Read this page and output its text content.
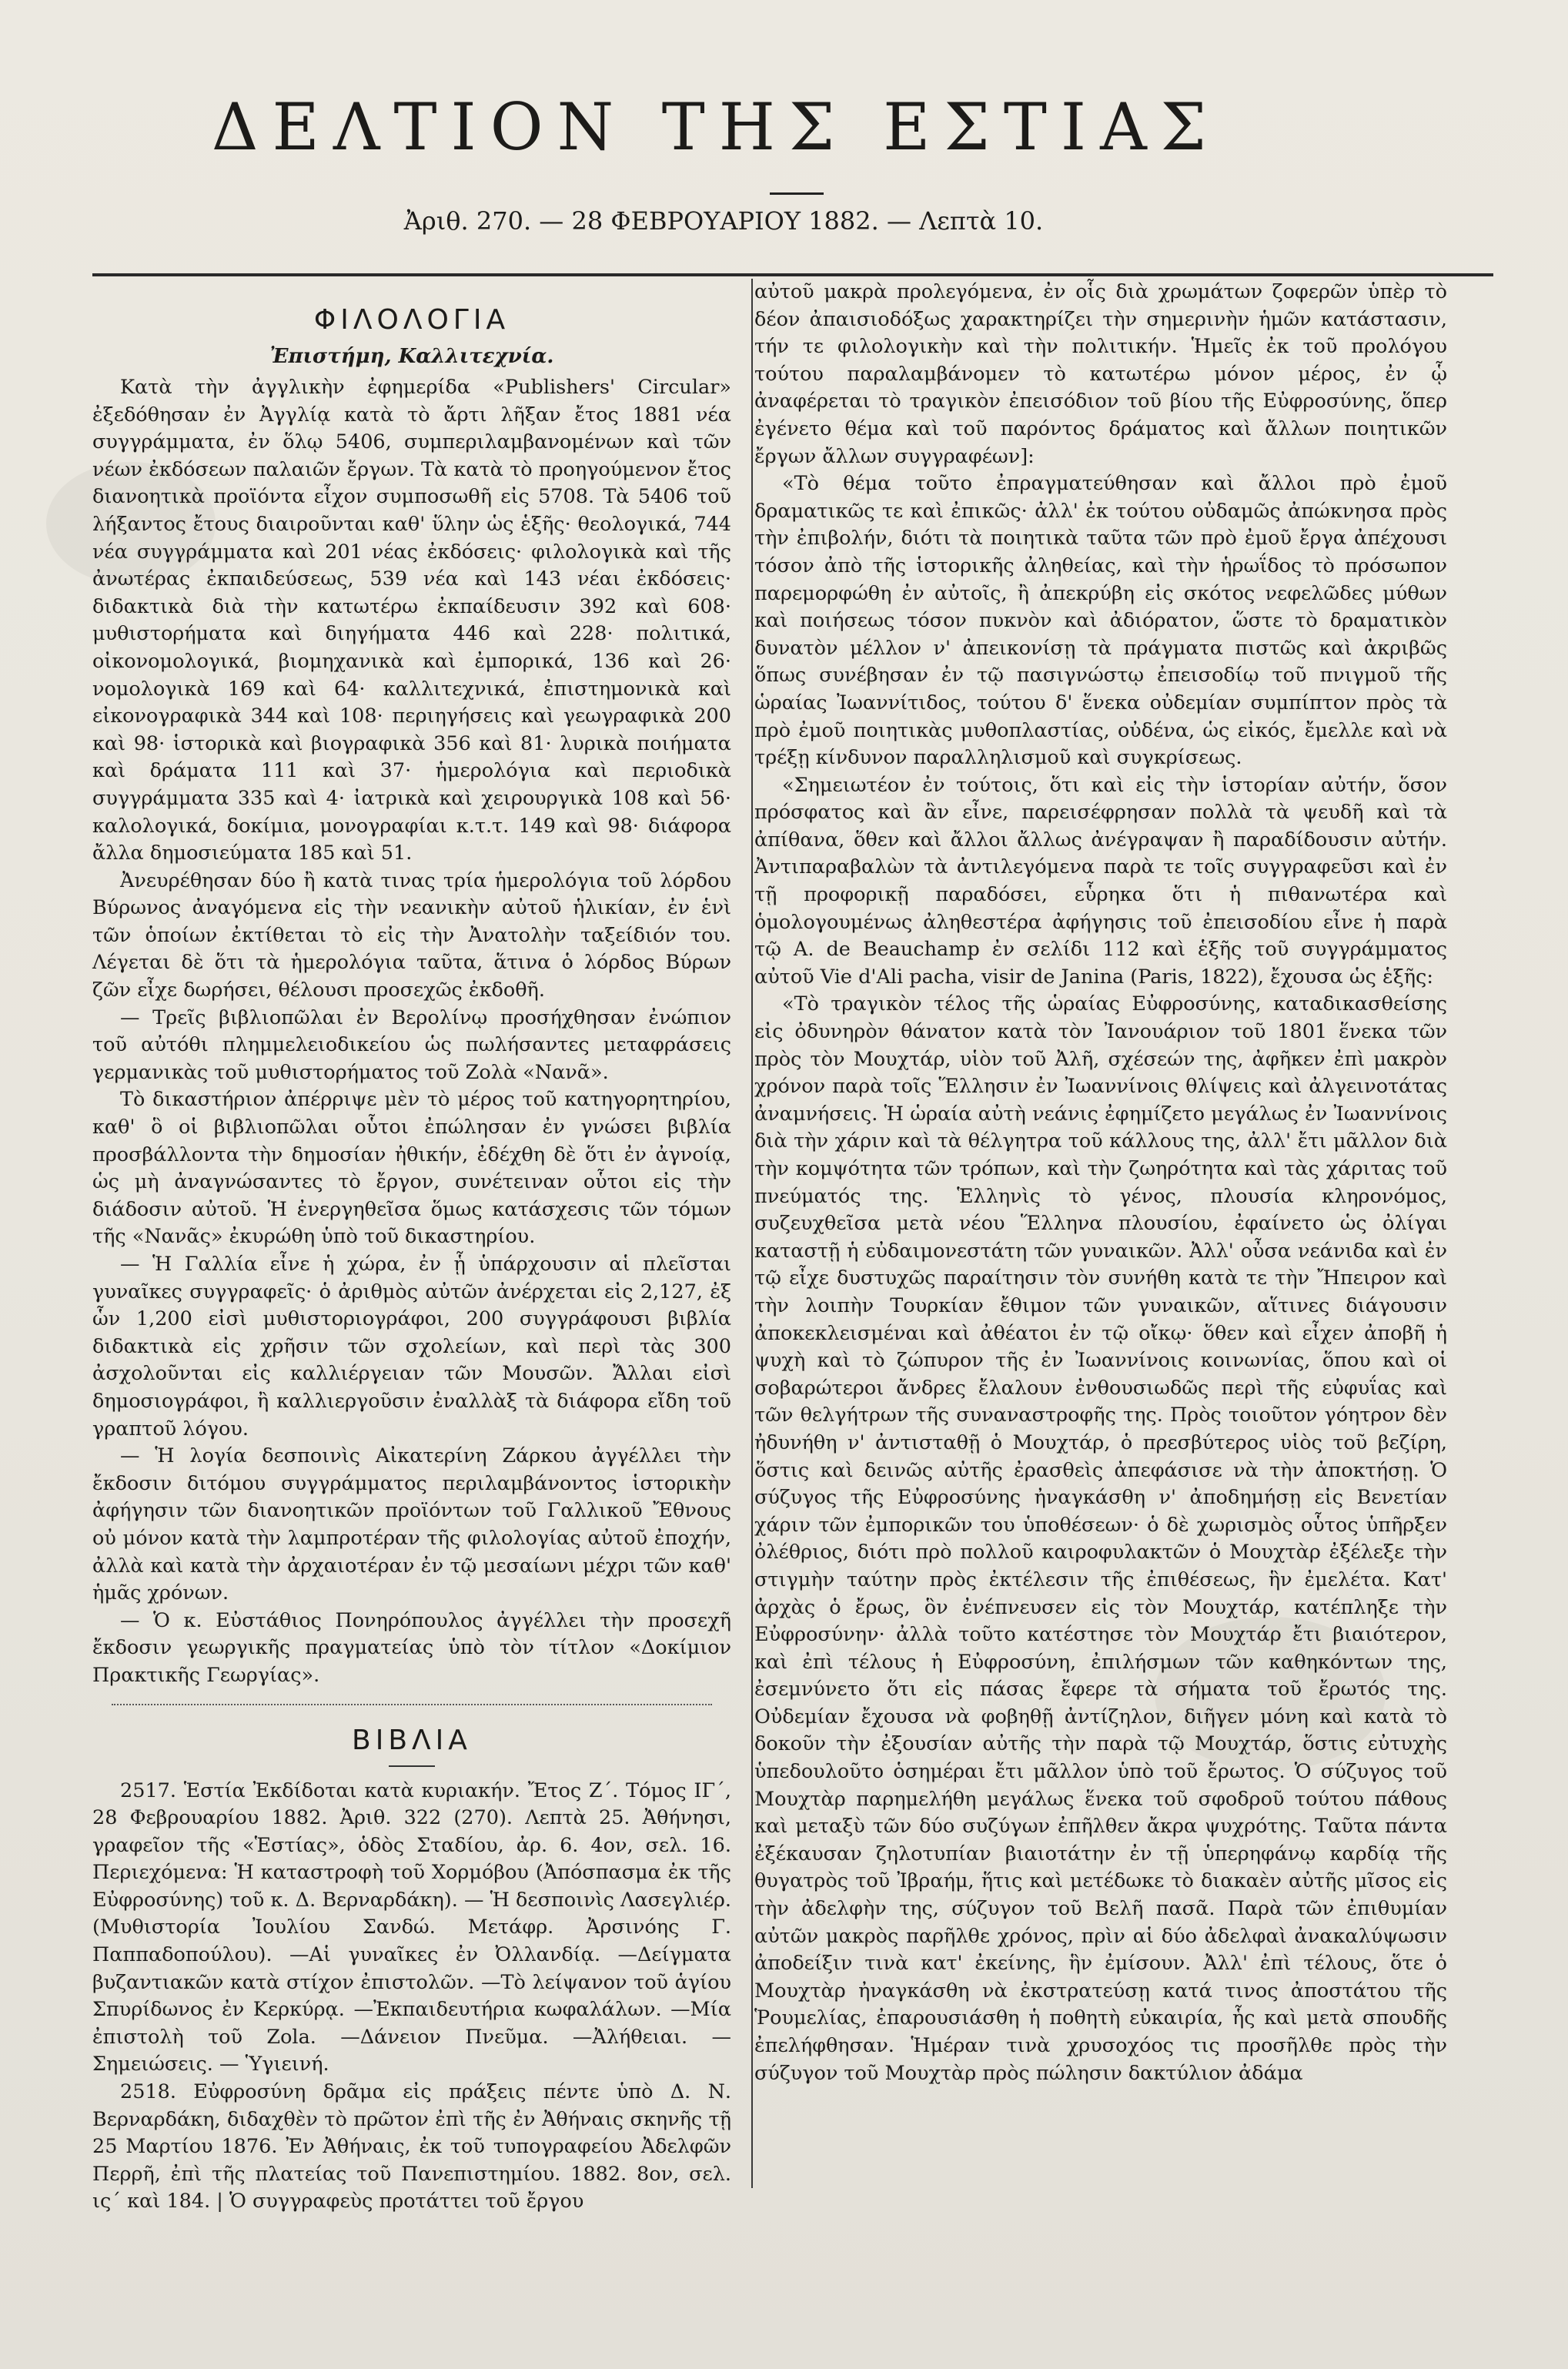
ΔΕΛΤΙΟΝ ΤΗΣ ΕΣΤΙΑΣ
Ἀριθ. 270. — 28 ΦΕΒΡΟΥΑΡΙΟΥ 1882. — Λεπτὰ 10.
ΦΙΛΟΛΟΓΙΑ
Ἐπιστήμη, Καλλιτεχνία.

Κατὰ τὴν ἀγγλικὴν ἐφημερίδα «Publishers' Circular» ἐξεδόθησαν ἐν Ἀγγλίᾳ κατὰ τὸ ἄρτι λῆξαν ἔτος 1881 νέα συγγράμματα, ἐν ὅλῳ 5406, συμπεριλαμβανομένων καὶ τῶν νέων ἐκδόσεων παλαιῶν ἔργων. Τὰ κατὰ τὸ προηγούμενον ἔτος διανοητικὰ προϊόντα εἶχον συμποσωθῆ εἰς 5708. Τὰ 5406 τοῦ λήξαντος ἔτους διαιροῦνται καθ' ὕλην ὡς ἑξῆς· θεολογικά, 744 νέα συγγράμματα καὶ 201 νέας ἐκδόσεις· φιλολογικὰ καὶ τῆς ἀνωτέρας ἐκπαιδεύσεως, 539 νέα καὶ 143 νέαι ἐκδόσεις· διδακτικὰ διὰ τὴν κατωτέρω ἐκπαίδευσιν 392 καὶ 608· μυθιστορήματα καὶ διηγήματα 446 καὶ 228· πολιτικά, οἰκονομολογικά, βιομηχανικὰ καὶ ἐμπορικά, 136 καὶ 26· νομολογικὰ 169 καὶ 64· καλλιτεχνικά, ἐπιστημονικὰ καὶ εἰκονογραφικὰ 344 καὶ 108· περιηγήσεις καὶ γεωγραφικὰ 200 καὶ 98· ἱστορικὰ καὶ βιογραφικὰ 356 καὶ 81· λυρικὰ ποιήματα καὶ δράματα 111 καὶ 37· ἡμερολόγια καὶ περιοδικὰ συγγράμματα 335 καὶ 4· ἰατρικὰ καὶ χειρουργικὰ 108 καὶ 56· καλολογικά, δοκίμια, μονογραφίαι κ.τ.τ. 149 καὶ 98· διάφορα ἄλλα δημοσιεύματα 185 καὶ 51.

Ἀνευρέθησαν δύο ἢ κατὰ τινας τρία ἡμερολόγια τοῦ λόρδου Βύρωνος ἀναγόμενα εἰς τὴν νεανικὴν αὐτοῦ ἡλικίαν, ἐν ἑνὶ τῶν ὁποίων ἐκτίθεται τὸ εἰς τὴν Ἀνατολὴν ταξείδιόν του. Λέγεται δὲ ὅτι τὰ ἡμερολόγια ταῦτα, ἅτινα ὁ λόρδος Βύρων ζῶν εἶχε δωρήσει, θέλουσι προσεχῶς ἐκδοθῆ.

— Τρεῖς βιβλιοπῶλαι ἐν Βερολίνῳ προσήχθησαν ἐνώπιον τοῦ αὐτόθι πλημμελειοδικείου ὡς πωλήσαντες μεταφράσεις γερμανικὰς τοῦ μυθιστορήματος τοῦ Ζολὰ «Νανᾶ».

Τὸ δικαστήριον ἀπέρριψε μὲν τὸ μέρος τοῦ κατηγορητηρίου, καθ' ὃ οἱ βιβλιοπῶλαι οὗτοι ἐπώλησαν ἐν γνώσει βιβλία προσβάλλοντα τὴν δημοσίαν ἠθικήν, ἐδέχθη δὲ ὅτι ἐν ἀγνοίᾳ, ὡς μὴ ἀναγνώσαντες τὸ ἔργον, συνέτειναν οὗτοι εἰς τὴν διάδοσιν αὐτοῦ. Ἡ ἐνεργηθεῖσα ὅμως κατάσχεσις τῶν τόμων τῆς «Νανᾶς» ἐκυρώθη ὑπὸ τοῦ δικαστηρίου.

— Ἡ Γαλλία εἶνε ἡ χώρα, ἐν ᾗ ὑπάρχουσιν αἱ πλεῖσται γυναῖκες συγγραφεῖς· ὁ ἀριθμὸς αὐτῶν ἀνέρχεται εἰς 2,127, ἐξ ὧν 1,200 εἰσὶ μυθιστοριογράφοι, 200 συγγράφουσι βιβλία διδακτικὰ εἰς χρῆσιν τῶν σχολείων, καὶ περὶ τὰς 300 ἀσχολοῦνται εἰς καλλιέργειαν τῶν Μουσῶν. Ἄλλαι εἰσὶ δημοσιογράφοι, ἢ καλλιεργοῦσιν ἐναλλὰξ τὰ διάφορα εἴδη τοῦ γραπτοῦ λόγου.

— Ἡ λογία δεσποινὶς Αἰκατερίνη Ζάρκου ἀγγέλλει τὴν ἔκδοσιν διτόμου συγγράμματος περιλαμβάνοντος ἱστορικὴν ἀφήγησιν τῶν διανοητικῶν προϊόντων τοῦ Γαλλικοῦ Ἔθνους οὐ μόνον κατὰ τὴν λαμπροτέραν τῆς φιλολογίας αὐτοῦ ἐποχήν, ἀλλὰ καὶ κατὰ τὴν ἀρχαιοτέραν ἐν τῷ μεσαίωνι μέχρι τῶν καθ' ἡμᾶς χρόνων.

— Ὁ κ. Εὐστάθιος Πονηρόπουλος ἀγγέλλει τὴν προσεχῆ ἔκδοσιν γεωργικῆς πραγματείας ὑπὸ τὸν τίτλον «Δοκίμιον Πρακτικῆς Γεωργίας».

ΒΙΒΛΙΑ

2517. Ἑστία Ἐκδίδοται κατὰ κυριακήν. Ἔτος Ζ΄. Τόμος ΙΓ΄, 28 Φεβρουαρίου 1882. Ἀριθ. 322 (270). Λεπτὰ 25. Ἀθήνησι, γραφεῖον τῆς «Ἑστίας», ὁδὸς Σταδίου, ἀρ. 6. 4ον, σελ. 16. Περιεχόμενα: Ἡ καταστροφὴ τοῦ Χορμόβου (Ἀπόσπασμα ἐκ τῆς Εὐφροσύνης) τοῦ κ. Δ. Βερναρδάκη). — Ἡ δεσποινὶς Λασεγλιέρ. (Μυθιστορία Ἰουλίου Σανδώ. Μετάφρ. Ἀρσινόης Γ. Παππαδοπούλου). —Αἱ γυναῖκες ἐν Ὀλλανδίᾳ. —Δείγματα βυζαντιακῶν κατὰ στίχον ἐπιστολῶν. —Τὸ λείψανον τοῦ ἁγίου Σπυρίδωνος ἐν Κερκύρᾳ. —Ἐκπαιδευτήρια κωφαλάλων. —Μία ἐπιστολὴ τοῦ Zola. —Δάνειον Πνεῦμα. —Ἀλήθειαι. —Σημειώσεις. — Ὑγιεινή.

2518. Εὐφροσύνη δρᾶμα εἰς πράξεις πέντε ὑπὸ Δ. Ν. Βερναρδάκη, διδαχθὲν τὸ πρῶτον ἐπὶ τῆς ἐν Ἀθήναις σκηνῆς τῇ 25 Μαρτίου 1876. Ἐν Ἀθήναις, ἐκ τοῦ τυπογραφείου Ἀδελφῶν Περρῆ, ἐπὶ τῆς πλατείας τοῦ Πανεπιστημίου. 1882. 8ον, σελ. ις΄ καὶ 184. | Ὁ συγγραφεὺς προτάττει τοῦ ἔργου

αὐτοῦ μακρὰ προλεγόμενα, ἐν οἷς διὰ χρωμάτων ζοφερῶν ὑπὲρ τὸ δέον ἀπαισιοδόξως χαρακτηρίζει τὴν σημερινὴν ἡμῶν κατάστασιν, τήν τε φιλολογικὴν καὶ τὴν πολιτικήν. Ἡμεῖς ἐκ τοῦ προλόγου τούτου παραλαμβάνομεν τὸ κατωτέρω μόνον μέρος, ἐν ᾧ ἀναφέρεται τὸ τραγικὸν ἐπεισόδιον τοῦ βίου τῆς Εὐφροσύνης, ὅπερ ἐγένετο θέμα καὶ τοῦ παρόντος δράματος καὶ ἄλλων ποιητικῶν ἔργων ἄλλων συγγραφέων]:

«Τὸ θέμα τοῦτο ἐπραγματεύθησαν καὶ ἄλλοι πρὸ ἐμοῦ δραματικῶς τε καὶ ἐπικῶς· ἀλλ' ἐκ τούτου οὐδαμῶς ἀπώκνησα πρὸς τὴν ἐπιβολήν, διότι τὰ ποιητικὰ ταῦτα τῶν πρὸ ἐμοῦ ἔργα ἀπέχουσι τόσον ἀπὸ τῆς ἱστορικῆς ἀληθείας, καὶ τὴν ἡρωΐδος τὸ πρόσωπον παρεμορφώθη ἐν αὐτοῖς, ἢ ἀπεκρύβη εἰς σκότος νεφελῶδες μύθων καὶ ποιήσεως τόσον πυκνὸν καὶ ἀδιόρατον, ὥστε τὸ δραματικὸν δυνατὸν μέλλον ν' ἀπεικονίσῃ τὰ πράγματα πιστῶς καὶ ἀκριβῶς ὅπως συνέβησαν ἐν τῷ πασιγνώστῳ ἐπεισοδίῳ τοῦ πνιγμοῦ τῆς ὡραίας Ἰωαννίτιδος, τούτου δ' ἕνεκα οὐδεμίαν συμπίπτον πρὸς τὰ πρὸ ἐμοῦ ποιητικὰς μυθοπλαστίας, οὐδένα, ὡς εἰκός, ἔμελλε καὶ νὰ τρέξῃ κίνδυνον παραλληλισμοῦ καὶ συγκρίσεως.

«Σημειωτέον ἐν τούτοις, ὅτι καὶ εἰς τὴν ἱστορίαν αὐτήν, ὅσον πρόσφατος καὶ ἂν εἶνε, παρεισέφρησαν πολλὰ τὰ ψευδῆ καὶ τὰ ἀπίθανα, ὅθεν καὶ ἄλλοι ἄλλως ἀνέγραψαν ἢ παραδίδουσιν αὐτήν. Ἀντιπαραβαλὼν τὰ ἀντιλεγόμενα παρὰ τε τοῖς συγγραφεῦσι καὶ ἐν τῇ προφορικῇ παραδόσει, εὗρηκα ὅτι ἡ πιθανωτέρα καὶ ὁμολογουμένως ἀληθεστέρα ἀφήγησις τοῦ ἐπεισοδίου εἶνε ἡ παρὰ τῷ A. de Beauchamp ἐν σελίδι 112 καὶ ἑξῆς τοῦ συγγράμματος αὐτοῦ Vie d'Ali pacha, visir de Janina (Paris, 1822), ἔχουσα ὡς ἑξῆς:

«Τὸ τραγικὸν τέλος τῆς ὡραίας Εὐφροσύνης, καταδικασθείσης εἰς ὀδυνηρὸν θάνατον κατὰ τὸν Ἰανουάριον τοῦ 1801 ἕνεκα τῶν πρὸς τὸν Μουχτάρ, υἱὸν τοῦ Ἀλῆ, σχέσεών της, ἀφῆκεν ἐπὶ μακρὸν χρόνον παρὰ τοῖς Ἕλλησιν ἐν Ἰωαννίνοις θλίψεις καὶ ἀλγεινοτάτας ἀναμνήσεις. Ἡ ὡραία αὐτὴ νεάνις ἐφημίζετο μεγάλως ἐν Ἰωαννίνοις διὰ τὴν χάριν καὶ τὰ θέλγητρα τοῦ κάλλους της, ἀλλ' ἔτι μᾶλλον διὰ τὴν κομψότητα τῶν τρόπων, καὶ τὴν ζωηρότητα καὶ τὰς χάριτας τοῦ πνεύματός της. Ἑλληνὶς τὸ γένος, πλουσία κληρονόμος, συζευχθεῖσα μετὰ νέου Ἕλληνα πλουσίου, ἐφαίνετο ὡς ὀλίγαι καταστῇ ἡ εὐδαιμονεστάτη τῶν γυναικῶν. Ἀλλ' οὖσα νεάνιδα καὶ ἐν τῷ εἶχε δυστυχῶς παραίτησιν τὸν συνήθη κατὰ τε τὴν Ἤπειρον καὶ τὴν λοιπὴν Τουρκίαν ἔθιμον τῶν γυναικῶν, αἵτινες διάγουσιν ἀποκεκλεισμέναι καὶ ἀθέατοι ἐν τῷ οἴκῳ· ὅθεν καὶ εἶχεν ἀποβῆ ἡ ψυχὴ καὶ τὸ ζώπυρον τῆς ἐν Ἰωαννίνοις κοινωνίας, ὅπου καὶ οἱ σοβαρώτεροι ἄνδρες ἔλαλουν ἐνθουσιωδῶς περὶ τῆς εὐφυΐας καὶ τῶν θελγήτρων τῆς συναναστροφῆς της. Πρὸς τοιοῦτον γόητρον δὲν ἠδυνήθη ν' ἀντισταθῇ ὁ Μουχτάρ, ὁ πρεσβύτερος υἱὸς τοῦ βεζίρη, ὅστις καὶ δεινῶς αὐτῆς ἐρασθεὶς ἀπεφάσισε νὰ τὴν ἀποκτήσῃ. Ὁ σύζυγος τῆς Εὐφροσύνης ἠναγκάσθη ν' ἀποδημήσῃ εἰς Βενετίαν χάριν τῶν ἐμπορικῶν του ὑποθέσεων· ὁ δὲ χωρισμὸς οὗτος ὑπῆρξεν ὀλέθριος, διότι πρὸ πολλοῦ καιροφυλακτῶν ὁ Μουχτὰρ ἐξέλεξε τὴν στιγμὴν ταύτην πρὸς ἐκτέλεσιν τῆς ἐπιθέσεως, ἣν ἐμελέτα. Κατ' ἀρχὰς ὁ ἔρως, ὃν ἐνέπνευσεν εἰς τὸν Μουχτάρ, κατέπληξε τὴν Εὐφροσύνην· ἀλλὰ τοῦτο κατέστησε τὸν Μουχτάρ ἔτι βιαιότερον, καὶ ἐπὶ τέλους ἡ Εὐφροσύνη, ἐπιλήσμων τῶν καθηκόντων της, ἐσεμνύνετο ὅτι εἰς πάσας ἔφερε τὰ σήματα τοῦ ἔρωτός της. Οὐδεμίαν ἔχουσα νὰ φοβηθῇ ἀντίζηλον, διῆγεν μόνη καὶ κατὰ τὸ δοκοῦν τὴν ἐξουσίαν αὐτῆς τὴν παρὰ τῷ Μουχτάρ, ὅστις εὐτυχὴς ὑπεδουλοῦτο ὁσημέραι ἔτι μᾶλλον ὑπὸ τοῦ ἔρωτος. Ὁ σύζυγος τοῦ Μουχτὰρ παρημελήθη μεγάλως ἕνεκα τοῦ σφοδροῦ τούτου πάθους καὶ μεταξὺ τῶν δύο συζύγων ἐπῆλθεν ἄκρα ψυχρότης. Ταῦτα πάντα ἐξέκαυσαν ζηλοτυπίαν βιαιοτάτην ἐν τῇ ὑπερηφάνῳ καρδίᾳ τῆς θυγατρὸς τοῦ Ἰβραήμ, ἥτις καὶ μετέδωκε τὸ διακαὲν αὐτῆς μῖσος εἰς τὴν ἀδελφὴν της, σύζυγον τοῦ Βελῆ πασᾶ. Παρὰ τῶν ἐπιθυμίαν αὐτῶν μακρὸς παρῆλθε χρόνος, πρὶν αἱ δύο ἀδελφαὶ ἀνακαλύψωσιν ἀποδείξιν τινὰ κατ' ἐκείνης, ἣν ἐμίσουν. Ἀλλ' ἐπὶ τέλους, ὅτε ὁ Μουχτὰρ ἠναγκάσθη νὰ ἐκστρατεύσῃ κατά τινος ἀποστάτου τῆς Ῥουμελίας, ἐπαρουσιάσθη ἡ ποθητὴ εὐκαιρία, ἧς καὶ μετὰ σπουδῆς ἐπελήφθησαν. Ἡμέραν τινὰ χρυσοχόος τις προσῆλθε πρὸς τὴν σύζυγον τοῦ Μουχτὰρ πρὸς πώλησιν δακτύλιον ἀδάμα
